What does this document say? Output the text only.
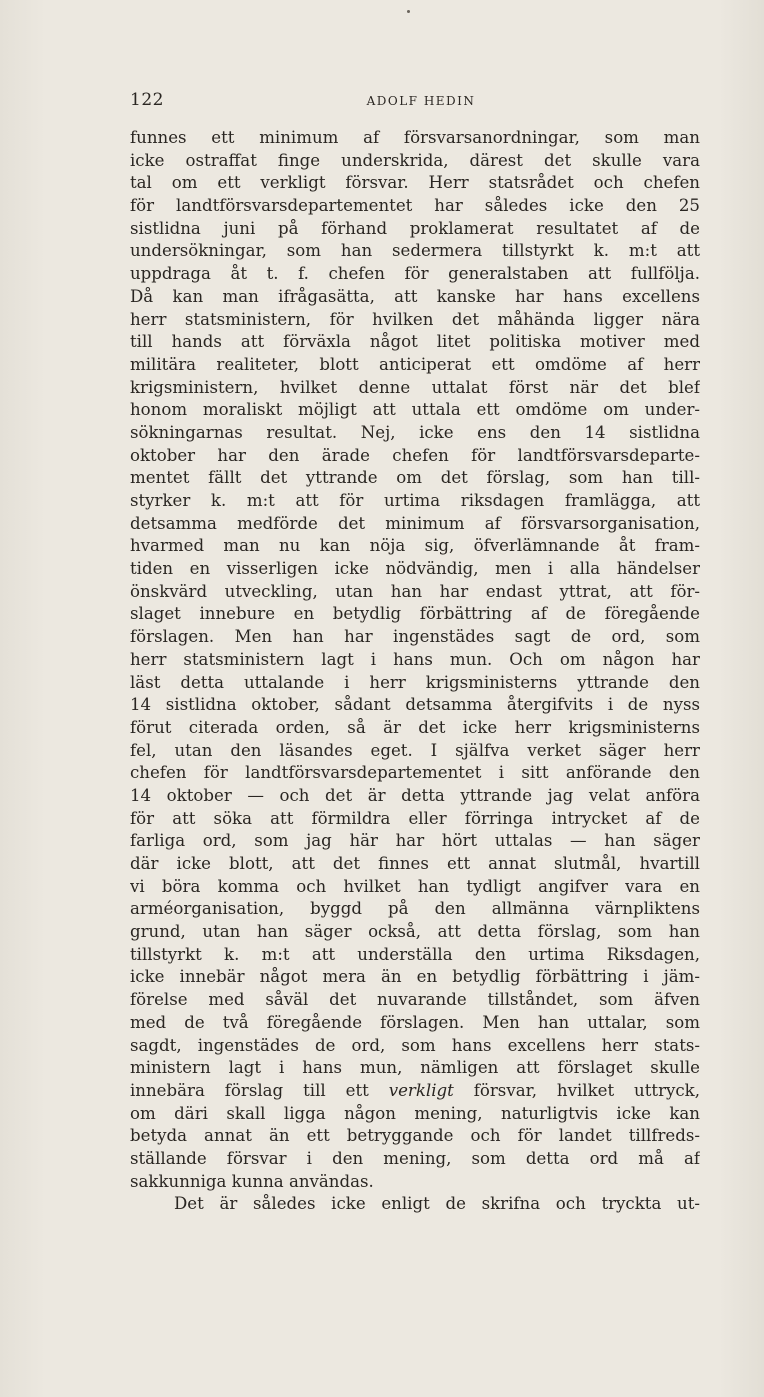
122	ADOLF HEDIN
funnes ett minimum af försvarsanordningar, som man
icke ostraffat finge underskrida, därest det skulle vara
tal om ett verkligt försvar. Herr statsrådet och chefen
för landtförsvarsdepartementet har således icke den 25
sistlidna juni på förhand proklamerat resultatet af de
undersökningar, som han sedermera tillstyrkt k. m:t att
uppdraga åt t. f. chefen för generalstaben att fullfölja.
Då kan man ifrågasätta, att kanske har hans excellens
herr statsministern, för hvilken det måhända ligger nära
till hands att förväxla något litet politiska motiver med
militära realiteter, blott anticiperat ett omdöme af herr
krigsministern, hvilket denne uttalat först när det blef
honom moraliskt möjligt att uttala ett omdöme om under-
sökningarnas resultat. Nej, icke ens den 14 sistlidna
oktober har den ärade chefen för landtförsvarsdeparte-
mentet fällt det yttrande om det förslag, som han till-
styrker k. m:t att för urtima riksdagen framlägga, att
detsamma medförde det minimum af försvarsorganisation,
hvarmed man nu kan nöja sig, öfverlämnande åt fram-
tiden en visserligen icke nödvändig, men i alla händelser
önskvärd utveckling, utan han har endast yttrat, att för-
slaget innebure en betydlig förbättring af de föregående
förslagen. Men han har ingenstädes sagt de ord, som
herr statsministern lagt i hans mun. Och om någon har
läst detta uttalande i herr krigsministerns yttrande den
14 sistlidna oktober, sådant detsamma återgifvits i de nyss
förut citerada orden, så är det icke herr krigsministerns
fel, utan den läsandes eget. I själfva verket säger herr
chefen för landtförsvarsdepartementet i sitt anförande den
14 oktober — och det är detta yttrande jag velat anföra
för att söka att förmildra eller förringa intrycket af de
farliga ord, som jag här har hört uttalas — han säger
där icke blott, att det finnes ett annat slutmål, hvartill
vi böra komma och hvilket han tydligt angifver vara en
arméorganisation, byggd på den allmänna värnpliktens
grund, utan han säger också, att detta förslag, som han
tillstyrkt k. m:t att underställa den urtima Riksdagen,
icke innebär något mera än en betydlig förbättring i jäm-
förelse med såväl det nuvarande tillståndet, som äfven
med de två föregående förslagen. Men han uttalar, som
sagdt, ingenstädes de ord, som hans excellens herr stats-
ministern lagt i hans mun, nämligen att förslaget skulle
innebära förslag till ett verkligt försvar, hvilket uttryck,
om däri skall ligga någon mening, naturligtvis icke kan
betyda annat än ett betryggande och för landet tillfreds-
ställande försvar i den mening, som detta ord må af
sakkunniga kunna användas.
Det är således icke enligt de skrifna och tryckta ut-
